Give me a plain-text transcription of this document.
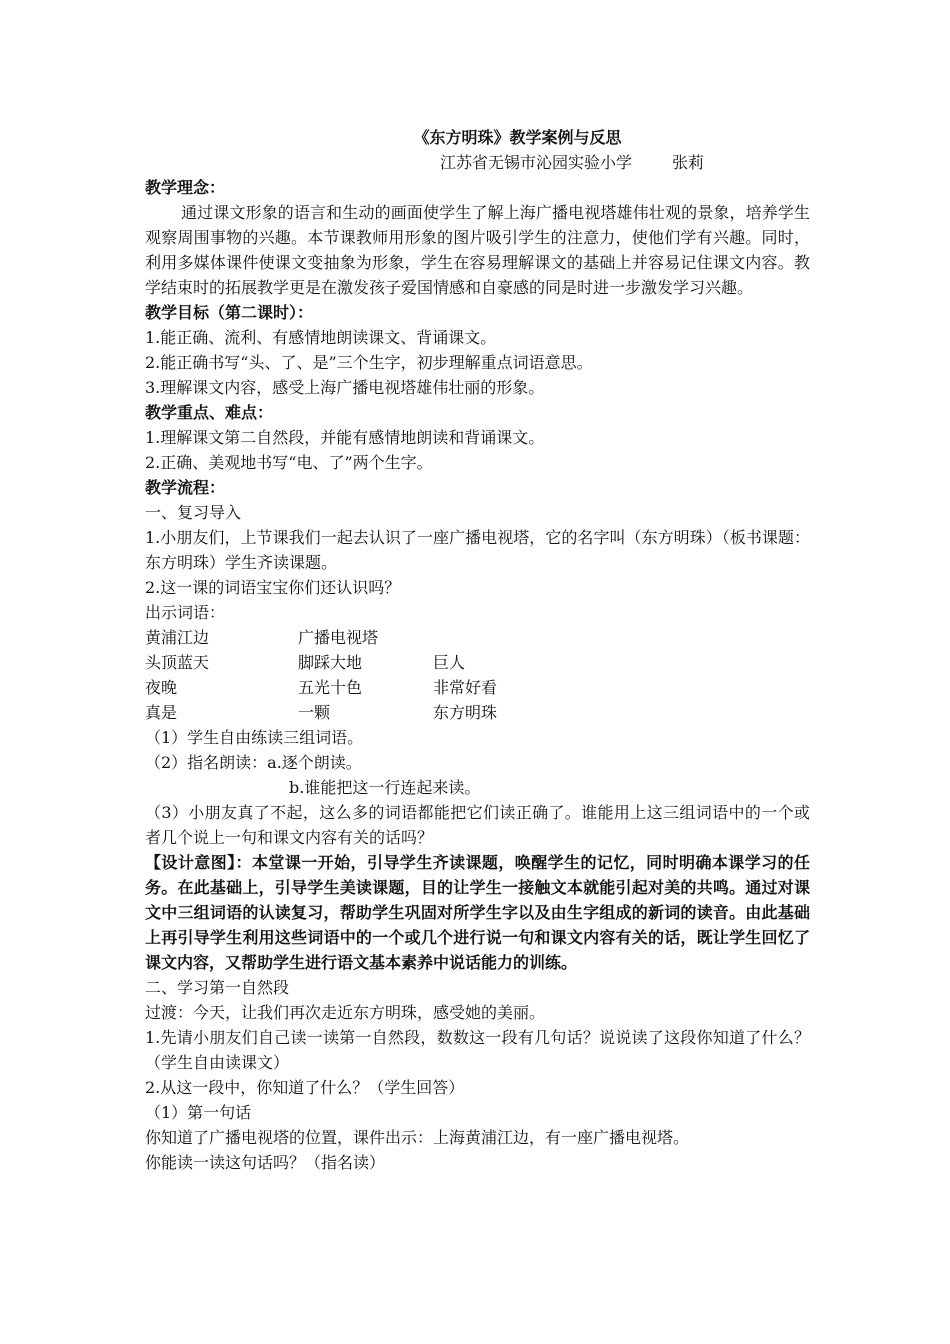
《东方明珠》教学案例与反思
江苏省无锡市沁园实验小学	张莉
教学理念：
通过课文形象的语言和生动的画面使学生了解上海广播电视塔雄伟壮观的景象，培养学生观察周围事物的兴趣。本节课教师用形象的图片吸引学生的注意力，使他们学有兴趣。同时，利用多媒体课件使课文变抽象为形象，学生在容易理解课文的基础上并容易记住课文内容。教学结束时的拓展教学更是在激发孩子爱国情感和自豪感的同是时进一步激发学习兴趣。
教学目标（第二课时）：
1.能正确、流利、有感情地朗读课文、背诵课文。
2.能正确书写“头、了、是”三个生字，初步理解重点词语意思。
3.理解课文内容，感受上海广播电视塔雄伟壮丽的形象。
教学重点、难点：
1.理解课文第二自然段，并能有感情地朗读和背诵课文。
2.正确、美观地书写“电、了”两个生字。
教学流程：
一、复习导入
1.小朋友们，上节课我们一起去认识了一座广播电视塔，它的名字叫（东方明珠）（板书课题：东方明珠）学生齐读课题。
2.这一课的词语宝宝你们还认识吗？
出示词语：
黄浦江边	广播电视塔
头顶蓝天	脚踩大地	巨人
夜晚	五光十色	非常好看
真是	一颗	东方明珠
（1）学生自由练读三组词语。
（2）指名朗读：a.逐个朗读。
b.谁能把这一行连起来读。
（3）小朋友真了不起，这么多的词语都能把它们读正确了。谁能用上这三组词语中的一个或者几个说上一句和课文内容有关的话吗？
【设计意图】：本堂课一开始，引导学生齐读课题，唤醒学生的记忆，同时明确本课学习的任务。在此基础上，引导学生美读课题，目的让学生一接触文本就能引起对美的共鸣。通过对课文中三组词语的认读复习，帮助学生巩固对所学生字以及由生字组成的新词的读音。由此基础上再引导学生利用这些词语中的一个或几个进行说一句和课文内容有关的话，既让学生回忆了课文内容，又帮助学生进行语文基本素养中说话能力的训练。
二、学习第一自然段
过渡：今天，让我们再次走近东方明珠，感受她的美丽。
1.先请小朋友们自己读一读第一自然段，数数这一段有几句话？说说读了这段你知道了什么？（学生自由读课文）
2.从这一段中，你知道了什么？（学生回答）
（1）第一句话
你知道了广播电视塔的位置，课件出示：上海黄浦江边，有一座广播电视塔。
你能读一读这句话吗？（指名读）
